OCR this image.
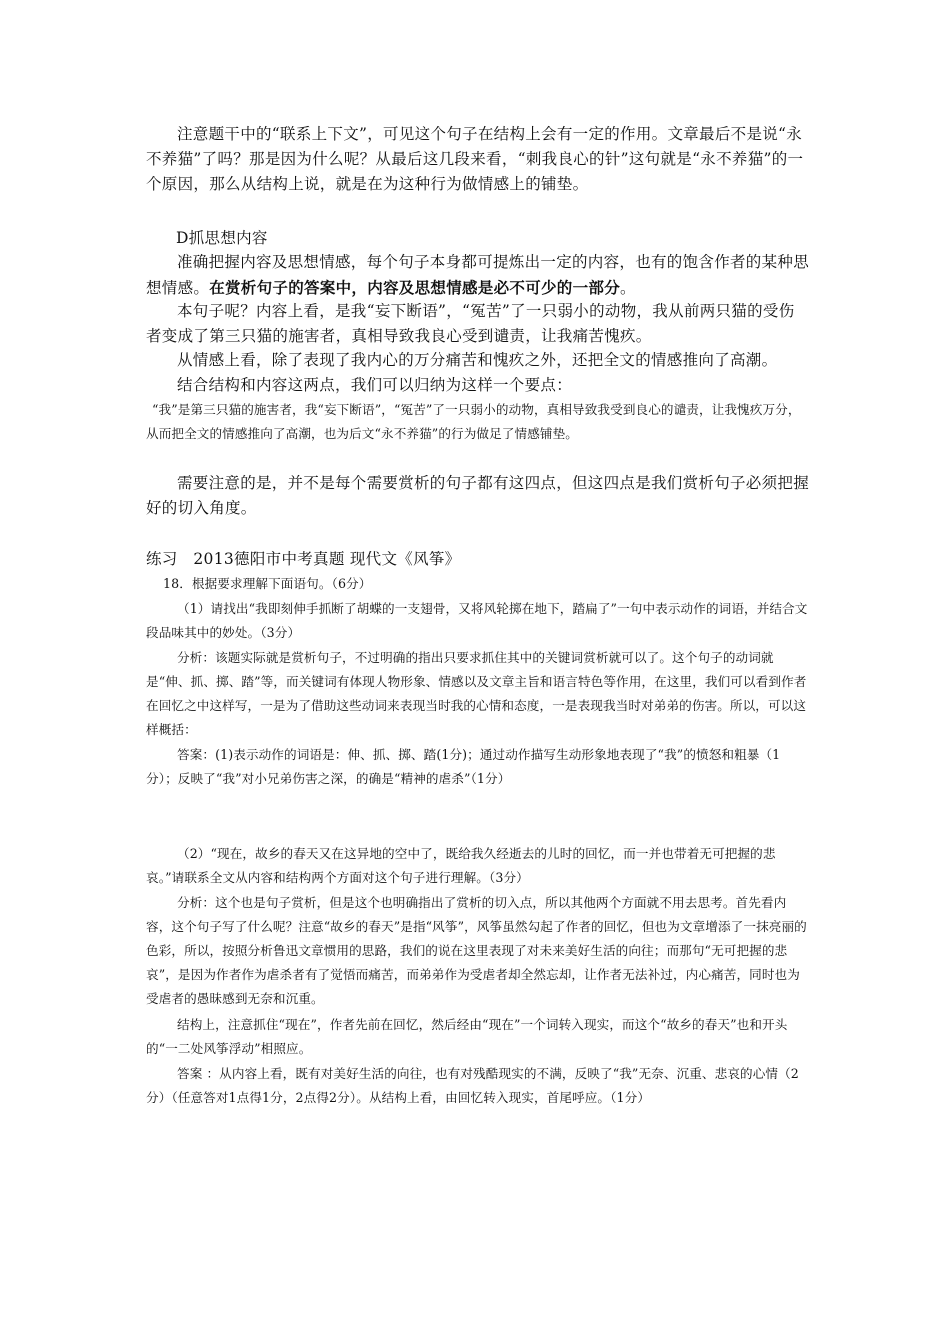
注意题干中的“联系上下文”，可见这个句子在结构上会有一定的作用。文章最后不是说“永不养猫”了吗？那是因为什么呢？从最后这几段来看，“刺我良心的针”这句就是“永不养猫”的一个原因，那么从结构上说，就是在为这种行为做情感上的铺垫。

D抓思想内容

准确把握内容及思想情感，每个句子本身都可提炼出一定的内容，也有的饱含作者的某种思想情感。在赏析句子的答案中，内容及思想情感是必不可少的一部分。

本句子呢？内容上看，是我“妄下断语”，“冤苦”了一只弱小的动物，我从前两只猫的受伤者变成了第三只猫的施害者，真相导致我良心受到谴责，让我痛苦愧疚。

从情感上看，除了表现了我内心的万分痛苦和愧疚之外，还把全文的情感推向了高潮。

结合结构和内容这两点，我们可以归纳为这样一个要点：

“我”是第三只猫的施害者，我“妄下断语”，“冤苦”了一只弱小的动物，真相导致我受到良心的谴责，让我愧疚万分，从而把全文的情感推向了高潮，也为后文“永不养猫”的行为做足了情感铺垫。

需要注意的是，并不是每个需要赏析的句子都有这四点，但这四点是我们赏析句子必须把握好的切入角度。

练习　2013德阳市中考真题 现代文《风筝》

18．根据要求理解下面语句。（6分）

（1）请找出“我即刻伸手抓断了胡蝶的一支翅骨，又将风轮掷在地下，踏扁了”一句中表示动作的词语，并结合文段品味其中的妙处。（3分）

分析：该题实际就是赏析句子，不过明确的指出只要求抓住其中的关键词赏析就可以了。这个句子的动词就是“伸、抓、掷、踏”等，而关键词有体现人物形象、情感以及文章主旨和语言特色等作用，在这里，我们可以看到作者在回忆之中这样写，一是为了借助这些动词来表现当时我的心情和态度，一是表现我当时对弟弟的伤害。所以，可以这样概括：

答案：(1)表示动作的词语是：伸、抓、掷、踏(1分)；通过动作描写生动形象地表现了“我”的愤怒和粗暴（1分）；反映了“我”对小兄弟伤害之深，的确是“精神的虐杀”（1分）

（2）“现在，故乡的春天又在这异地的空中了，既给我久经逝去的儿时的回忆，而一并也带着无可把握的悲哀。”请联系全文从内容和结构两个方面对这个句子进行理解。（3分）

分析：这个也是句子赏析，但是这个也明确指出了赏析的切入点，所以其他两个方面就不用去思考。首先看内容，这个句子写了什么呢？注意“故乡的春天”是指“风筝”，风筝虽然勾起了作者的回忆，但也为文章增添了一抹亮丽的色彩，所以，按照分析鲁迅文章惯用的思路，我们的说在这里表现了对未来美好生活的向往；而那句“无可把握的悲哀”，是因为作者作为虐杀者有了觉悟而痛苦，而弟弟作为受虐者却全然忘却，让作者无法补过，内心痛苦，同时也为受虐者的愚昧感到无奈和沉重。

结构上，注意抓住“现在”，作者先前在回忆，然后经由“现在”一个词转入现实，而这个“故乡的春天”也和开头的“一二处风筝浮动”相照应。

答案 ：从内容上看，既有对美好生活的向往，也有对残酷现实的不满，反映了“我”无奈、沉重、悲哀的心情（2分）（任意答对1点得1分，2点得2分）。从结构上看，由回忆转入现实，首尾呼应。（1分）
